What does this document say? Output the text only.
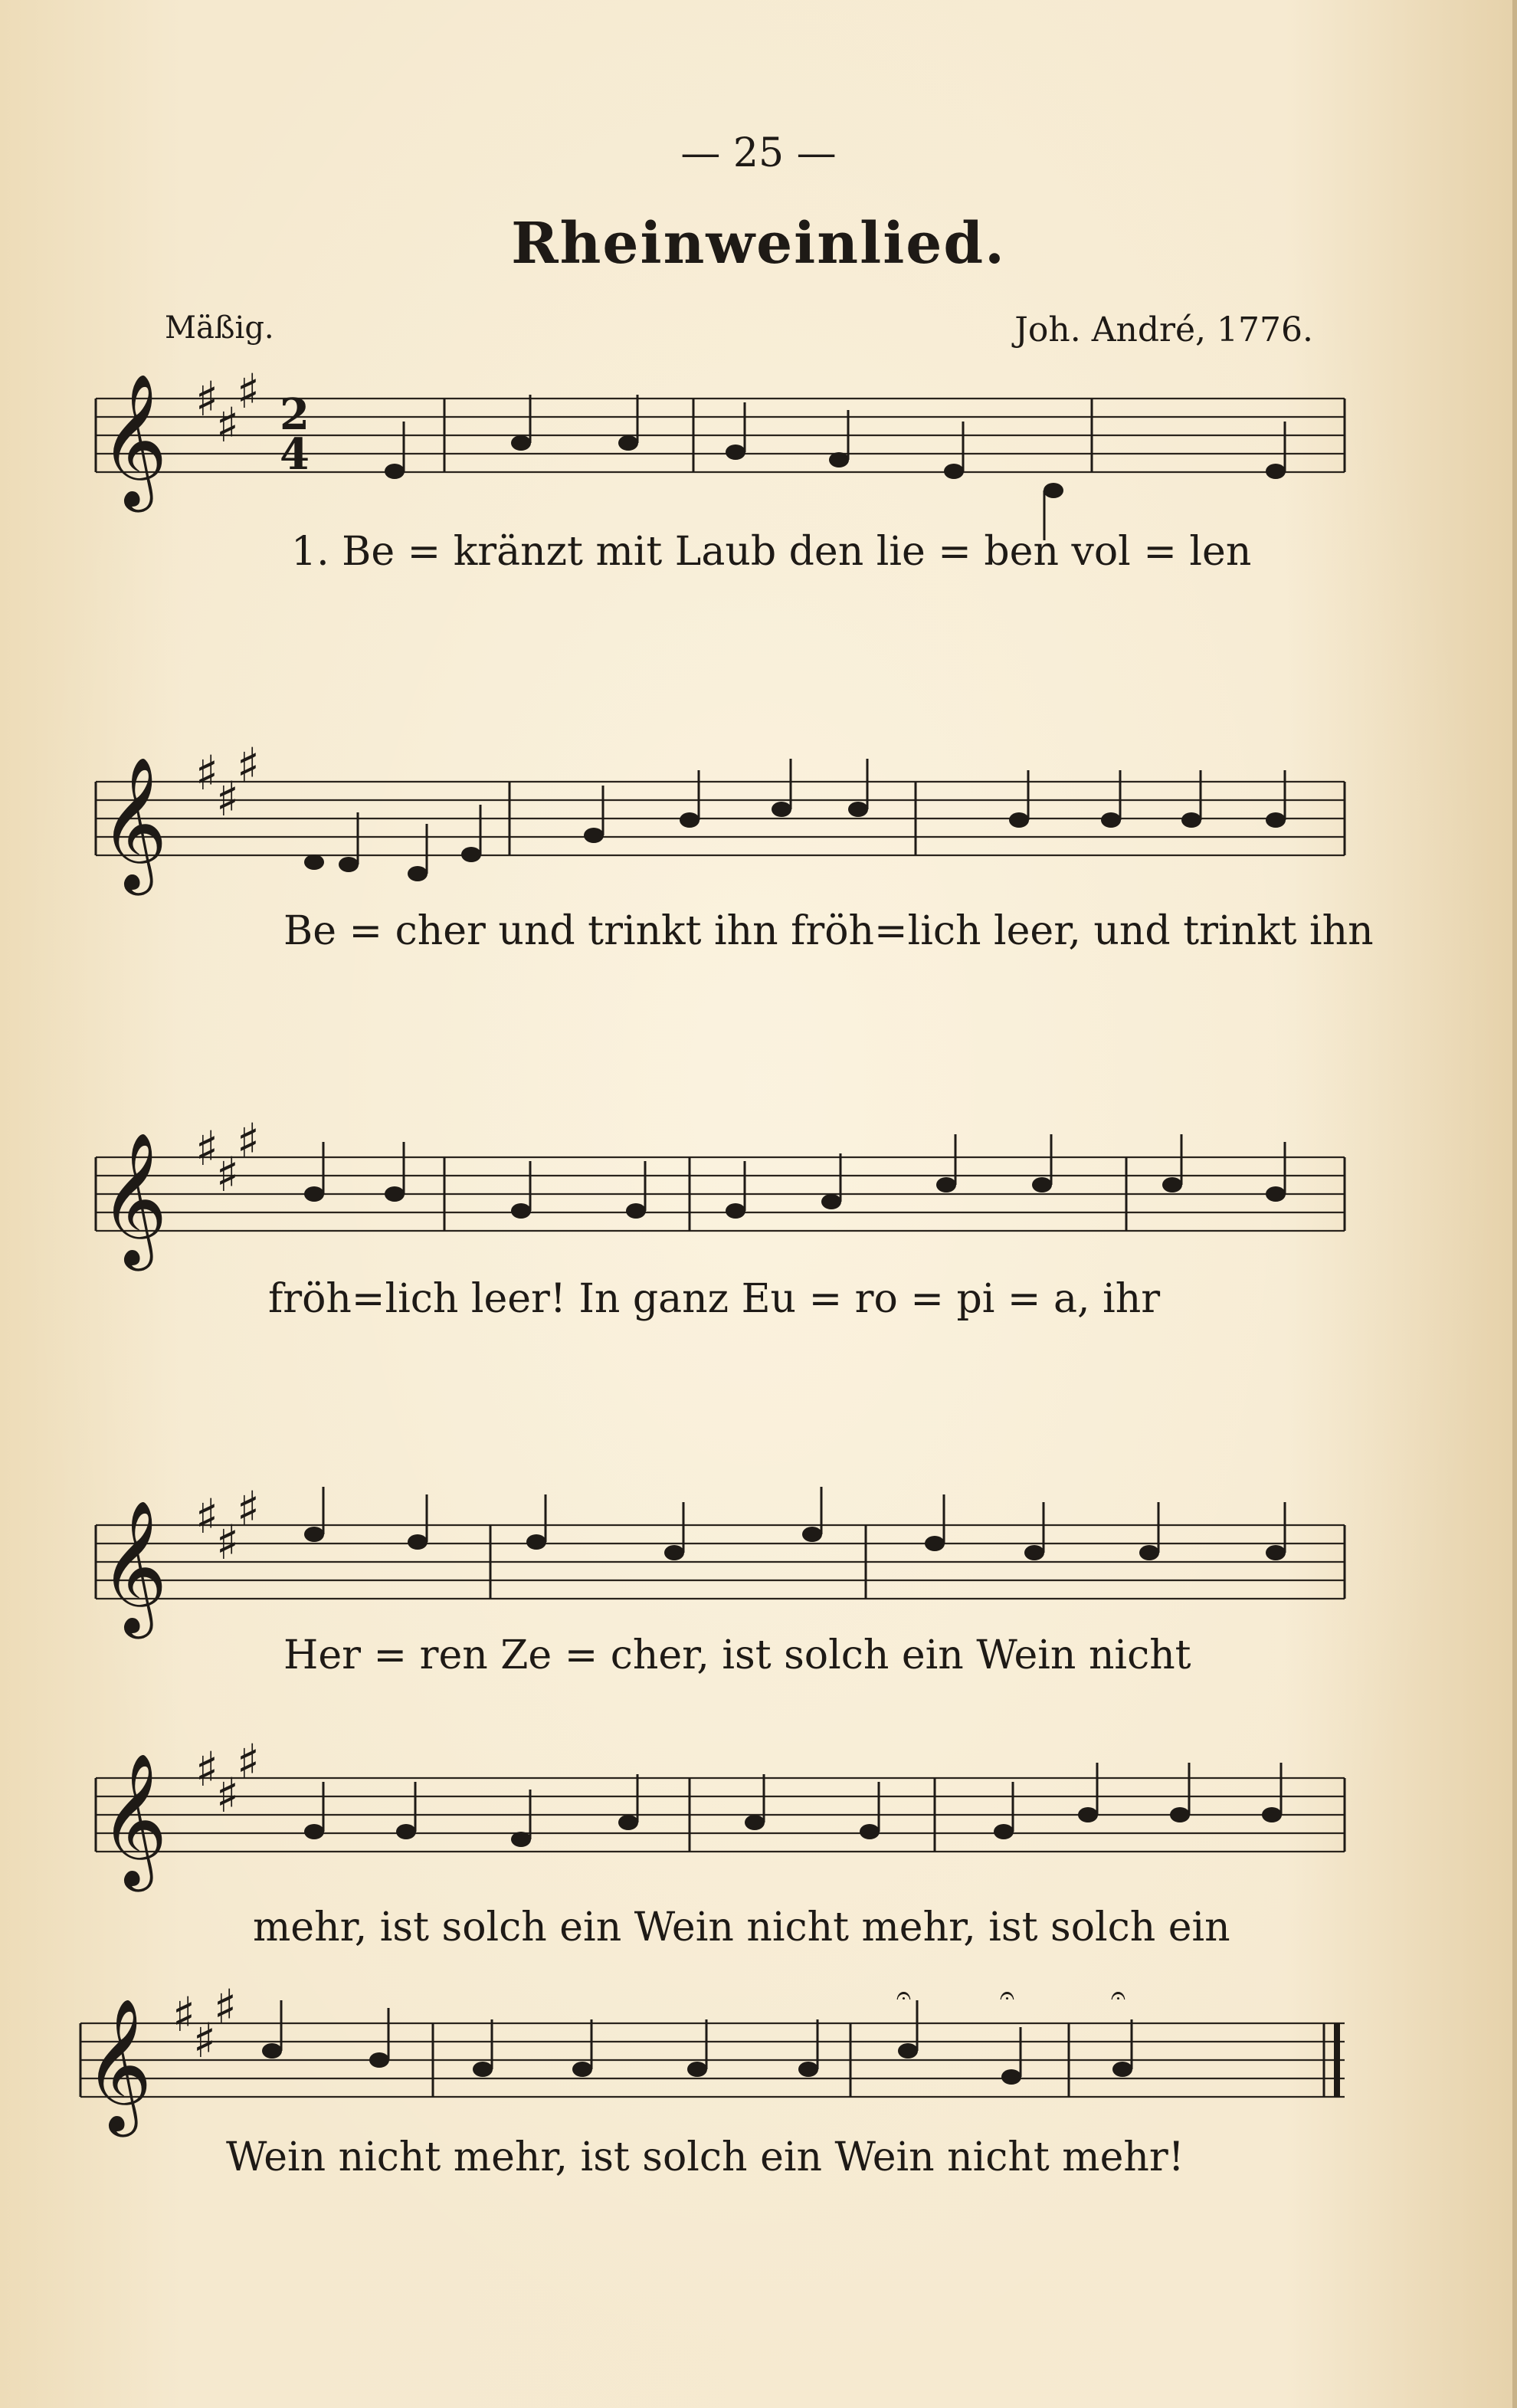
— 25 —
Rheinweinlied.
Mäßig.	Joh. André, 1776.
𝄞 ♯
♯
♯ 2
4
1. Be = kränzt mit Laub den lie = ben vol = len
𝄞 ♯
♯
♯
Be = cher und trinkt ihn fröh=lich leer, und trinkt ihn
𝄞 ♯
♯
♯
fröh=lich leer! In ganz Eu = ro = pi = a, ihr
𝄞 ♯
♯
♯
Her = ren Ze = cher, ist solch ein Wein nicht
𝄞 ♯
♯
♯
mehr, ist solch ein Wein nicht mehr, ist solch ein
𝄞 ♯
♯
♯	𝄐	𝄐	𝄐
Wein nicht mehr, ist solch ein Wein nicht mehr!
